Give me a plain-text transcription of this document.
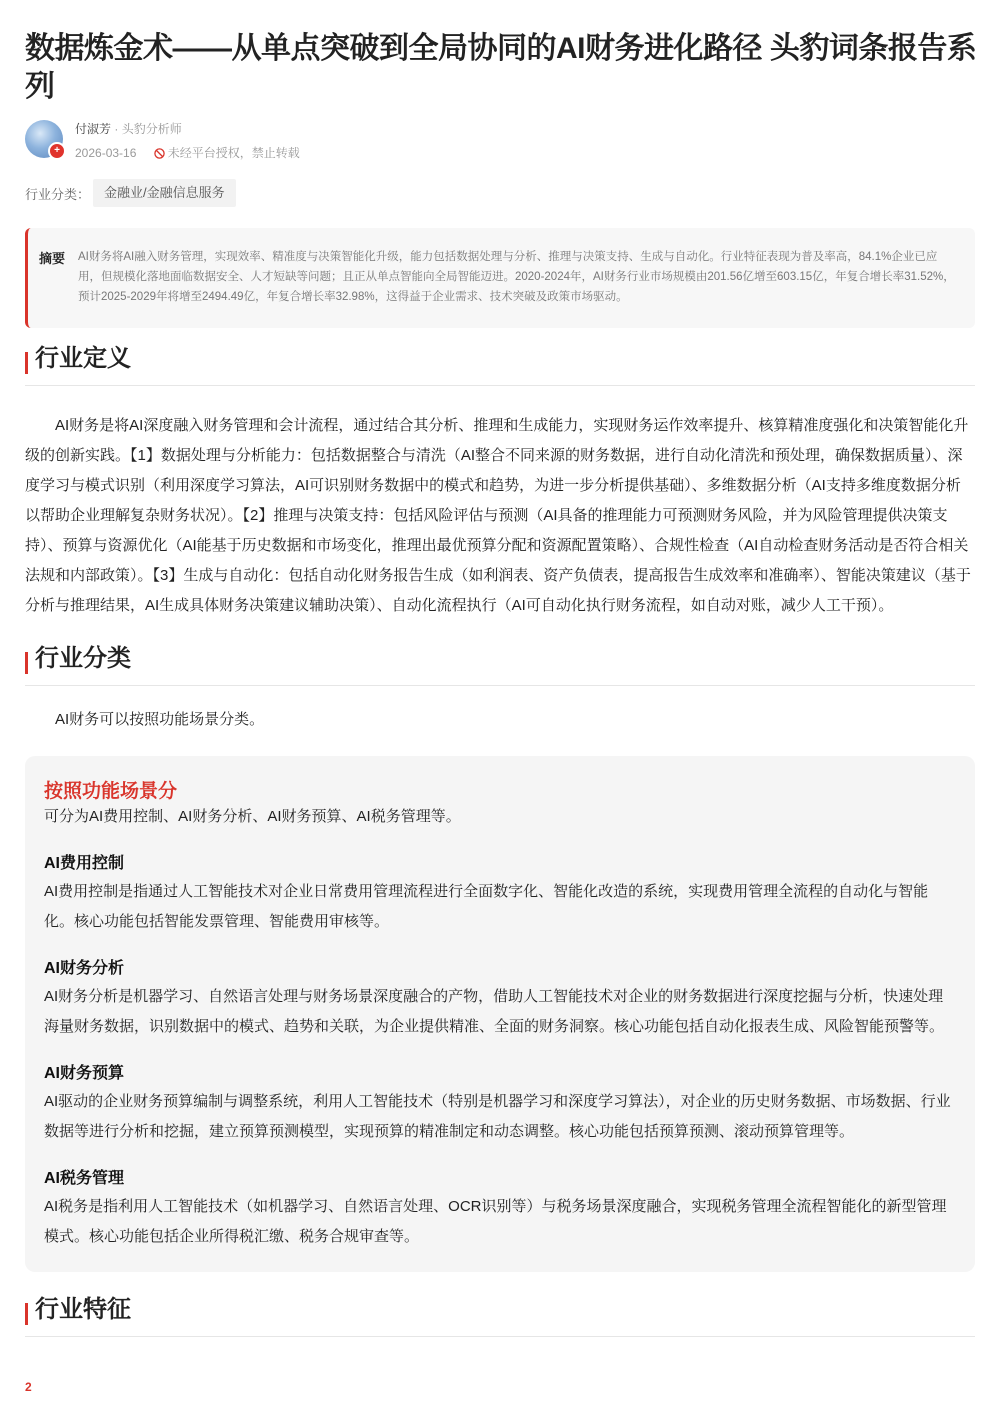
数据炼金术——从单点突破到全局协同的AI财务进化路径 头豹词条报告系列
+
付淑芳 · 头豹分析师
2026-03-16	未经平台授权，禁止转载
行业分类：	金融业/金融信息服务
摘要 AI财务将AI融入财务管理，实现效率、精准度与决策智能化升级，能力包括数据处理与分析、推理与决策支持、生成与自动化。行业特征表现为普及率高，84.1%企业已应用，但规模化落地面临数据安全、人才短缺等问题；且正从单点智能向全局智能迈进。2020-2024年，AI财务行业市场规模由201.56亿增至603.15亿，年复合增长率31.52%，预计2025-2029年将增至2494.49亿，年复合增长率32.98%，这得益于企业需求、技术突破及政策市场驱动。
行业定义

AI财务是将AI深度融入财务管理和会计流程，通过结合其分析、推理和生成能力，实现财务运作效率提升、核算精准度强化和决策智能化升级的创新实践。【1】数据处理与分析能力：包括数据整合与清洗（AI整合不同来源的财务数据，进行自动化清洗和预处理，确保数据质量）、深度学习与模式识别（利用深度学习算法，AI可识别财务数据中的模式和趋势，为进一步分析提供基础）、多维数据分析（AI支持多维度数据分析以帮助企业理解复杂财务状况）。【2】推理与决策支持：包括风险评估与预测（AI具备的推理能力可预测财务风险，并为风险管理提供决策支持）、预算与资源优化（AI能基于历史数据和市场变化，推理出最优预算分配和资源配置策略）、合规性检查（AI自动检查财务活动是否符合相关法规和内部政策）。【3】生成与自动化：包括自动化财务报告生成（如利润表、资产负债表，提高报告生成效率和准确率）、智能决策建议（基于分析与推理结果，AI生成具体财务决策建议辅助决策）、自动化流程执行（AI可自动化执行财务流程，如自动对账，减少人工干预）。

行业分类

AI财务可以按照功能场景分类。

按照功能场景分
可分为AI费用控制、AI财务分析、AI财务预算、AI税务管理等。

AI费用控制

AI费用控制是指通过人工智能技术对企业日常费用管理流程进行全面数字化、智能化改造的系统，实现费用管理全流程的自动化与智能化。核心功能包括智能发票管理、智能费用审核等。

AI财务分析

AI财务分析是机器学习、自然语言处理与财务场景深度融合的产物，借助人工智能技术对企业的财务数据进行深度挖掘与分析，快速处理海量财务数据，识别数据中的模式、趋势和关联，为企业提供精准、全面的财务洞察。核心功能包括自动化报表生成、风险智能预警等。

AI财务预算

AI驱动的企业财务预算编制与调整系统，利用人工智能技术（特别是机器学习和深度学习算法），对企业的历史财务数据、市场数据、行业数据等进行分析和挖掘，建立预算预测模型，实现预算的精准制定和动态调整。核心功能包括预算预测、滚动预算管理等。

AI税务管理

AI税务是指利用人工智能技术（如机器学习、自然语言处理、OCR识别等）与税务场景深度融合，实现税务管理全流程智能化的新型管理模式。核心功能包括企业所得税汇缴、税务合规审查等。

行业特征
2
